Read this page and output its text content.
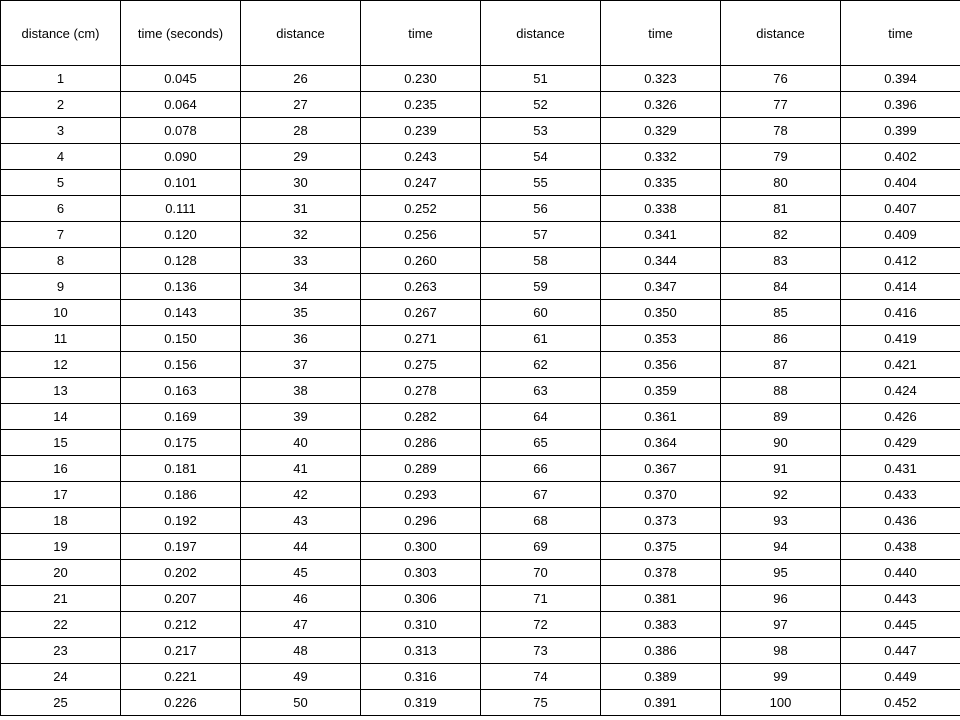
distance (cm)	time (seconds)	distance	time	distance	time	distance	time
1	0.045	26	0.230	51	0.323	76	0.394
2	0.064	27	0.235	52	0.326	77	0.396
3	0.078	28	0.239	53	0.329	78	0.399
4	0.090	29	0.243	54	0.332	79	0.402
5	0.101	30	0.247	55	0.335	80	0.404
6	0.111	31	0.252	56	0.338	81	0.407
7	0.120	32	0.256	57	0.341	82	0.409
8	0.128	33	0.260	58	0.344	83	0.412
9	0.136	34	0.263	59	0.347	84	0.414
10	0.143	35	0.267	60	0.350	85	0.416
11	0.150	36	0.271	61	0.353	86	0.419
12	0.156	37	0.275	62	0.356	87	0.421
13	0.163	38	0.278	63	0.359	88	0.424
14	0.169	39	0.282	64	0.361	89	0.426
15	0.175	40	0.286	65	0.364	90	0.429
16	0.181	41	0.289	66	0.367	91	0.431
17	0.186	42	0.293	67	0.370	92	0.433
18	0.192	43	0.296	68	0.373	93	0.436
19	0.197	44	0.300	69	0.375	94	0.438
20	0.202	45	0.303	70	0.378	95	0.440
21	0.207	46	0.306	71	0.381	96	0.443
22	0.212	47	0.310	72	0.383	97	0.445
23	0.217	48	0.313	73	0.386	98	0.447
24	0.221	49	0.316	74	0.389	99	0.449
25	0.226	50	0.319	75	0.391	100	0.452
